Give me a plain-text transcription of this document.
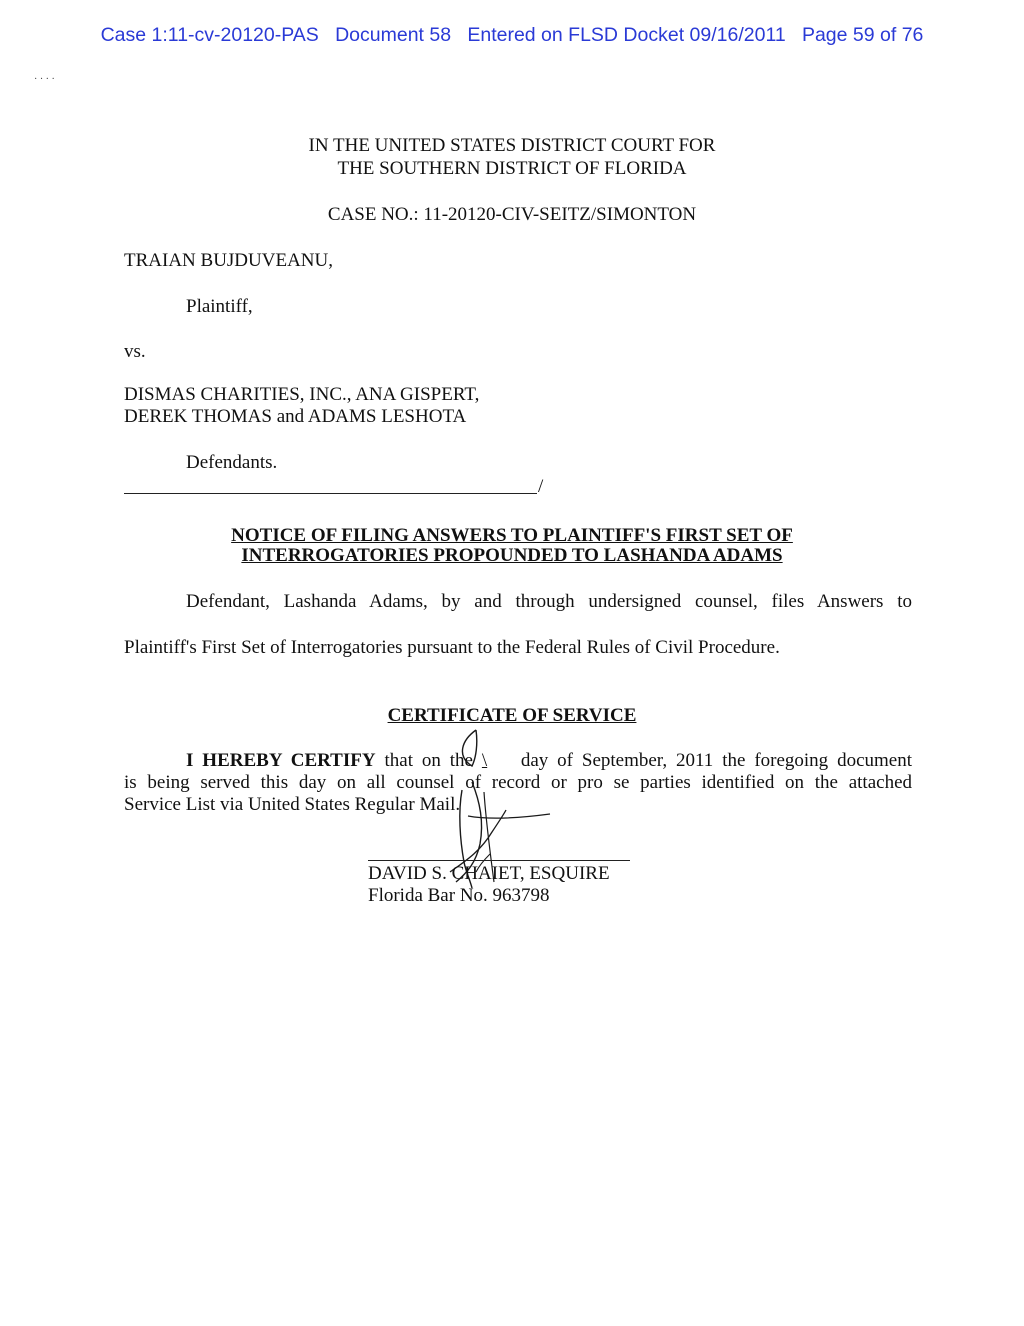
Case 1:11-cv-20120-PAS Document 58 Entered on FLSD Docket 09/16/2011 Page 59 of 76
· · · ·
IN THE UNITED STATES DISTRICT COURT FOR
THE SOUTHERN DISTRICT OF FLORIDA
CASE NO.: 11-20120-CIV-SEITZ/SIMONTON
TRAIAN BUJDUVEANU,
Plaintiff,
vs.
DISMAS CHARITIES, INC., ANA GISPERT,
DEREK THOMAS and ADAMS LESHOTA
Defendants.
/
NOTICE OF FILING ANSWERS TO PLAINTIFF'S FIRST SET OF
INTERROGATORIES PROPOUNDED TO LASHANDA ADAMS
Defendant, Lashanda Adams, by and through undersigned counsel, files Answers to
Plaintiff's First Set of Interrogatories pursuant to the Federal Rules of Civil Procedure.
CERTIFICATE OF SERVICE
I HEREBY CERTIFY that on the \ day of September, 2011 the foregoing document
is being served this day on all counsel of record or pro se parties identified on the attached
Service List via United States Regular Mail.
DAVID S. CHAIET, ESQUIRE
Florida Bar No. 963798
